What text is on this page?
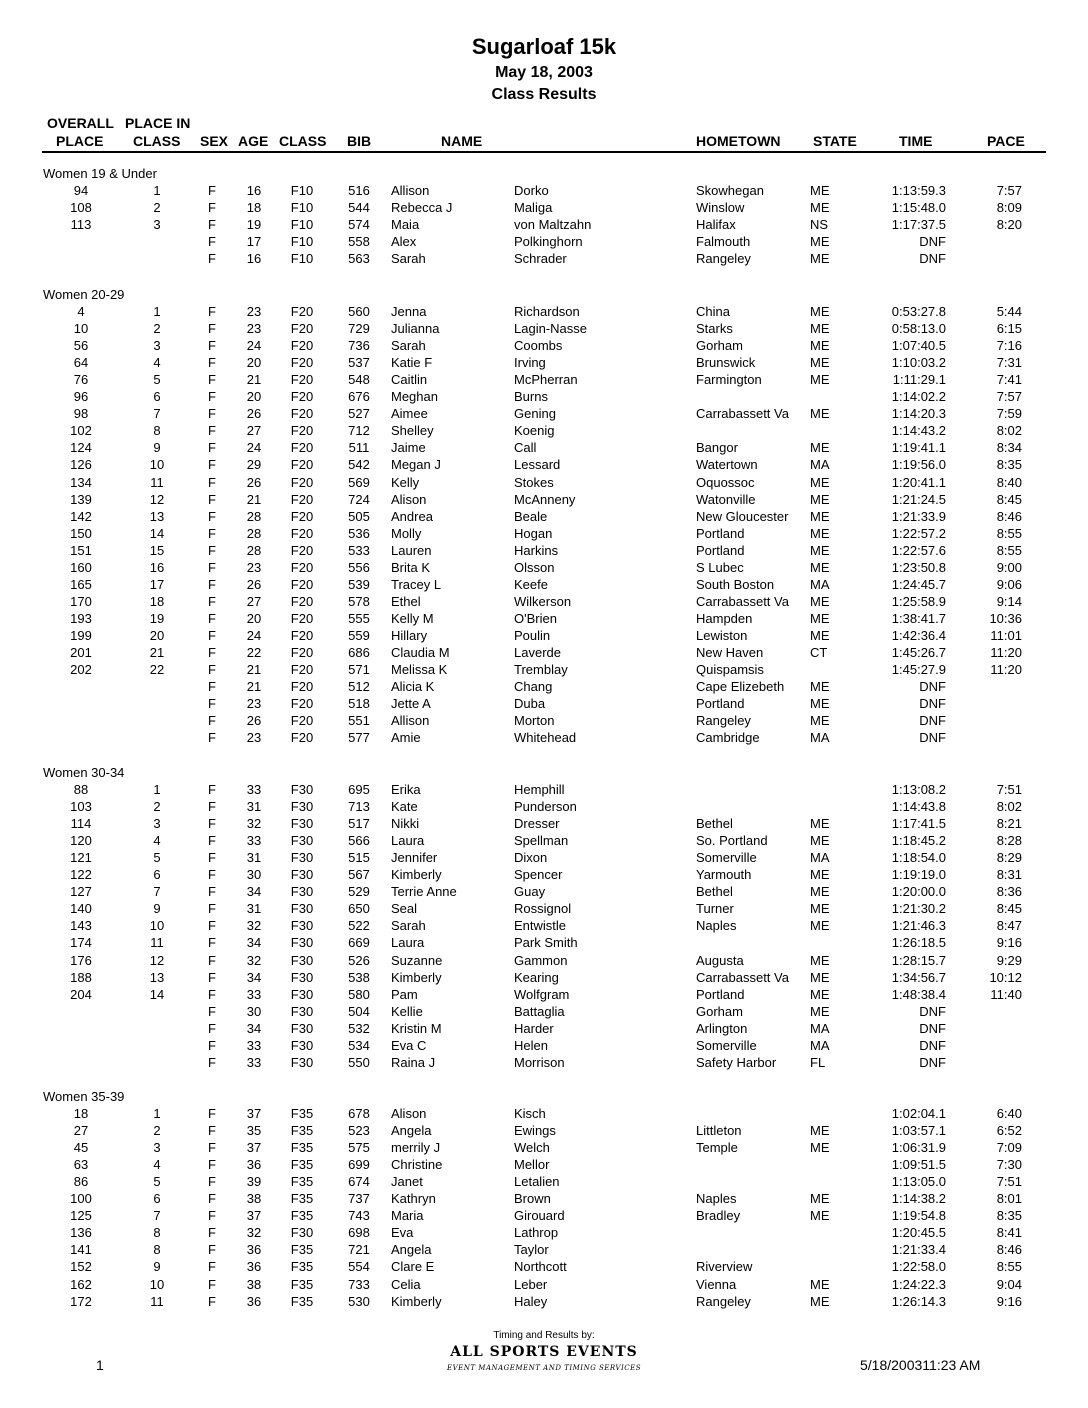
Sugarloaf 15k
May 18, 2003
Class Results
OVERALL PLACE IN
PLACE CLASS SEX AGE CLASS BIB	NAME	HOMETOWN STATE	TIME	PACE
Women 19 & Under
94	1	F 16 F10	516 Allison	Dorko	Skowhegan	ME	1:13:59.3	7:57
108	2	F 18 F10	544 Rebecca J	Maliga	Winslow	ME	1:15:48.0	8:09
113	3	F 19 F10	574 Maia	von Maltzahn	Halifax	NS	1:17:37.5	8:20
F 17 F10	558 Alex	Polkinghorn	Falmouth	ME	DNF
F 16 F10	563 Sarah	Schrader	Rangeley	ME	DNF
Women 20-29
4	1	F 23 F20	560 Jenna	Richardson	China	ME	0:53:27.8	5:44
10	2	F 23 F20	729 Julianna	Lagin-Nasse	Starks	ME	0:58:13.0	6:15
56	3	F 24 F20	736 Sarah	Coombs	Gorham	ME	1:07:40.5	7:16
64	4	F 20 F20	537 Katie F	Irving	Brunswick	ME	1:10:03.2	7:31
76	5	F 21 F20	548 Caitlin	McPherran	Farmington	ME	1:11:29.1	7:41
96	6	F 20 F20	676 Meghan	Burns	1:14:02.2	7:57
98	7	F 26 F20	527 Aimee	Gening	Carrabassett Va ME	1:14:20.3	7:59
102	8	F 27 F20	712 Shelley	Koenig	1:14:43.2	8:02
124	9	F 24 F20	511 Jaime	Call	Bangor	ME	1:19:41.1	8:34
126	10	F 29 F20	542 Megan J	Lessard	Watertown	MA	1:19:56.0	8:35
134	11	F 26 F20	569 Kelly	Stokes	Oquossoc	ME	1:20:41.1	8:40
139	12	F 21 F20	724 Alison	McAnneny	Watonville	ME	1:21:24.5	8:45
142	13	F 28 F20	505 Andrea	Beale	New Gloucester ME	1:21:33.9	8:46
150	14	F 28 F20	536 Molly	Hogan	Portland	ME	1:22:57.2	8:55
151	15	F 28 F20	533 Lauren	Harkins	Portland	ME	1:22:57.6	8:55
160	16	F 23 F20	556 Brita K	Olsson	S Lubec	ME	1:23:50.8	9:00
165	17	F 26 F20	539 Tracey L	Keefe	South Boston	MA	1:24:45.7	9:06
170	18	F 27 F20	578 Ethel	Wilkerson	Carrabassett Va ME	1:25:58.9	9:14
193	19	F 20 F20	555 Kelly M	O'Brien	Hampden	ME	1:38:41.7	10:36
199	20	F 24 F20	559 Hillary	Poulin	Lewiston	ME	1:42:36.4	11:01
201	21	F 22 F20	686 Claudia M	Laverde	New Haven	CT	1:45:26.7	11:20
202	22	F 21 F20	571 Melissa K	Tremblay	Quispamsis	1:45:27.9	11:20
F 21 F20	512 Alicia K	Chang	Cape Elizebeth ME	DNF
F 23 F20	518 Jette A	Duba	Portland	ME	DNF
F 26 F20	551 Allison	Morton	Rangeley	ME	DNF
F 23 F20	577 Amie	Whitehead	Cambridge	MA	DNF
Women 30-34
88	1	F 33 F30	695 Erika	Hemphill	1:13:08.2	7:51
103	2	F 31 F30	713 Kate	Punderson	1:14:43.8	8:02
114	3	F 32 F30	517 Nikki	Dresser	Bethel	ME	1:17:41.5	8:21
120	4	F 33 F30	566 Laura	Spellman	So. Portland	ME	1:18:45.2	8:28
121	5	F 31 F30	515 Jennifer	Dixon	Somerville	MA	1:18:54.0	8:29
122	6	F 30 F30	567 Kimberly	Spencer	Yarmouth	ME	1:19:19.0	8:31
127	7	F 34 F30	529 Terrie Anne	Guay	Bethel	ME	1:20:00.0	8:36
140	9	F 31 F30	650 Seal	Rossignol	Turner	ME	1:21:30.2	8:45
143	10	F 32 F30	522 Sarah	Entwistle	Naples	ME	1:21:46.3	8:47
174	11	F 34 F30	669 Laura	Park Smith	1:26:18.5	9:16
176	12	F 32 F30	526 Suzanne	Gammon	Augusta	ME	1:28:15.7	9:29
188	13	F 34 F30	538 Kimberly	Kearing	Carrabassett Va ME	1:34:56.7	10:12
204	14	F 33 F30	580 Pam	Wolfgram	Portland	ME	1:48:38.4	11:40
F 30 F30	504 Kellie	Battaglia	Gorham	ME	DNF
F 34 F30	532 Kristin M	Harder	Arlington	MA	DNF
F 33 F30	534 Eva C	Helen	Somerville	MA	DNF
F 33 F30	550 Raina J	Morrison	Safety Harbor	FL	DNF
Women 35-39
18	1	F 37 F35	678 Alison	Kisch	1:02:04.1	6:40
27	2	F 35 F35	523 Angela	Ewings	Littleton	ME	1:03:57.1	6:52
45	3	F 37 F35	575 merrily J	Welch	Temple	ME	1:06:31.9	7:09
63	4	F 36 F35	699 Christine	Mellor	1:09:51.5	7:30
86	5	F 39 F35	674 Janet	Letalien	1:13:05.0	7:51
100	6	F 38 F35	737 Kathryn	Brown	Naples	ME	1:14:38.2	8:01
125	7	F 37 F35	743 Maria	Girouard	Bradley	ME	1:19:54.8	8:35
136	8	F 32 F30	698 Eva	Lathrop	1:20:45.5	8:41
141	8	F 36 F35	721 Angela	Taylor	1:21:33.4	8:46
152	9	F 36 F35	554 Clare E	Northcott	Riverview	1:22:58.0	8:55
162	10	F 38 F35	733 Celia	Leber	Vienna	ME	1:24:22.3	9:04
172	11	F 36 F35	530 Kimberly	Haley	Rangeley	ME	1:26:14.3	9:16
Timing and Results by:
ALL SPORTS EVENTS
EVENT MANAGEMENT AND TIMING SERVICES
1	5/18/200311:23 AM
